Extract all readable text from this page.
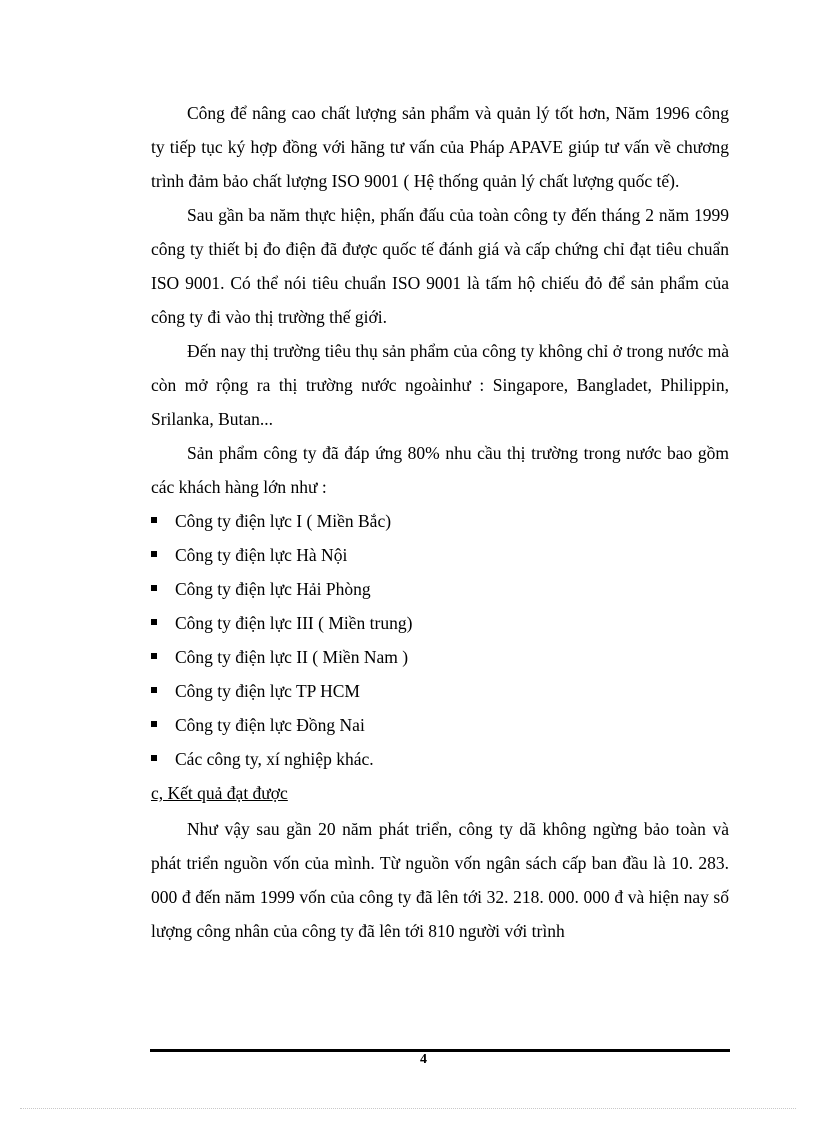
Công để nâng cao chất lượng sản phẩm và quản lý tốt hơn, Năm 1996 công ty tiếp tục ký hợp đồng với hãng tư vấn của Pháp APAVE giúp tư vấn về chương trình đảm bảo chất lượng ISO 9001 ( Hệ thống quản lý chất lượng quốc tế).

Sau gần ba năm thực hiện, phấn đấu của toàn công ty đến tháng 2 năm 1999 công ty thiết bị đo điện đã được quốc tế đánh giá và cấp chứng chỉ đạt tiêu chuẩn ISO 9001. Có thể nói tiêu chuẩn ISO 9001 là tấm hộ chiếu đỏ để sản phẩm của công ty đi vào thị trường thế giới.

Đến nay thị trường tiêu thụ sản phẩm của công ty không chỉ ở trong nước mà còn mở rộng ra thị trường nước ngoàinhư : Singapore, Bangladet, Philippin, Srilanka, Butan...

Sản phẩm công ty đã đáp ứng 80% nhu cầu thị trường trong nước bao gồm các khách hàng lớn như :

Công ty điện lực I ( Miền Bắc)
Công ty điện lực Hà Nội
Công ty điện lực Hải Phòng
Công ty điện lực III ( Miền trung)
Công ty điện lực II ( Miền Nam )
Công ty điện lực TP HCM
Công ty điện lực Đồng Nai
Các công ty, xí nghiệp khác.

c, Kết quả đạt được

Như vậy sau gần 20 năm phát triển, công ty dã không ngừng bảo toàn và phát triển nguồn vốn của mình. Từ nguồn vốn ngân sách cấp ban đầu là 10. 283. 000 đ đến năm 1999 vốn của công ty đã lên tới 32. 218. 000. 000 đ và hiện nay số lượng công nhân của công ty đã lên tới 810 người với trình

4
